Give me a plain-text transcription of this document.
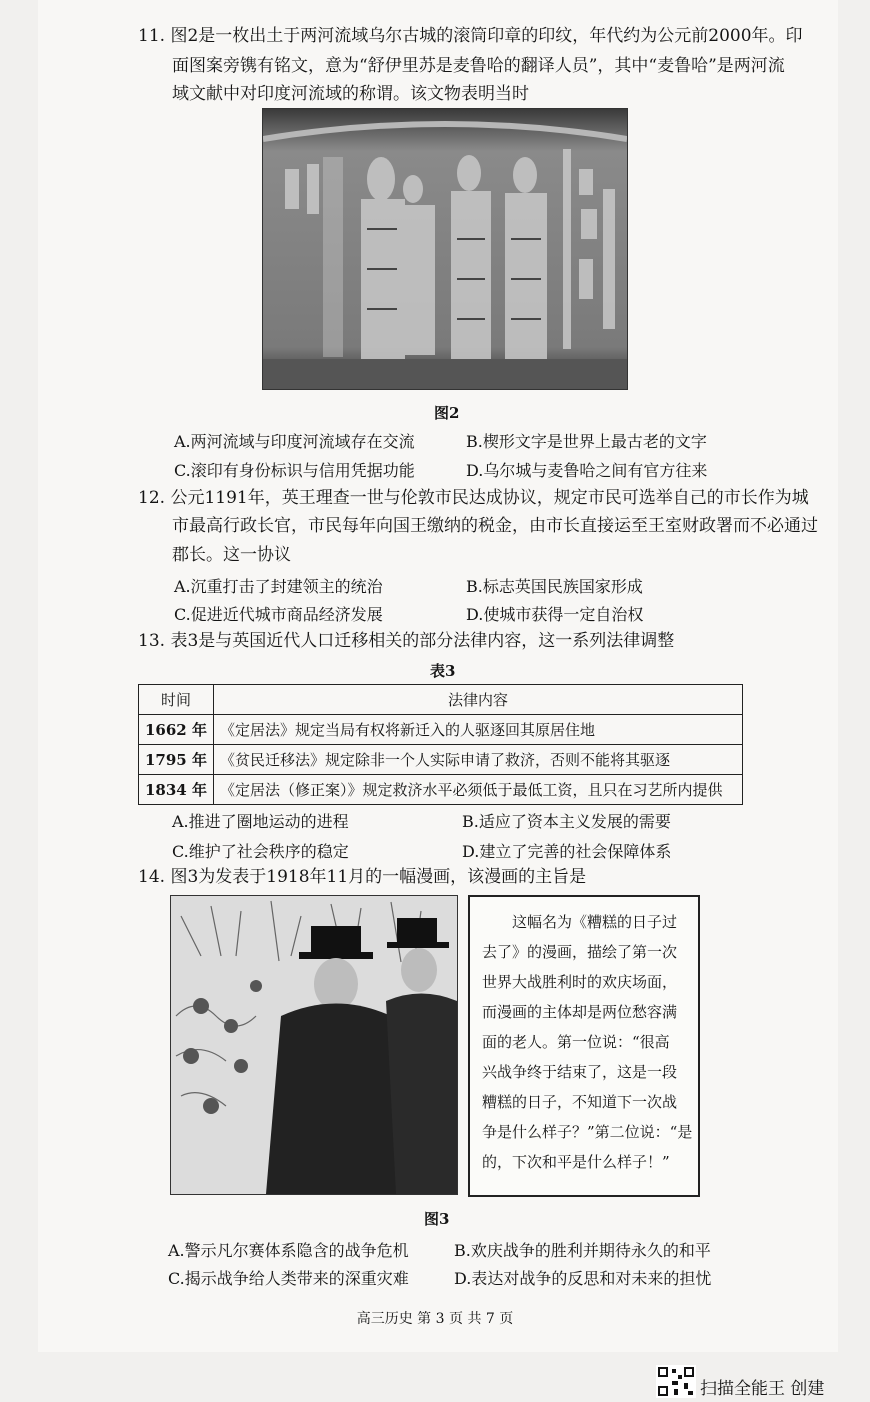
11. 图2是一枚出土于两河流域乌尔古城的滚筒印章的印纹，年代约为公元前2000年。印
面图案旁镌有铭文，意为“舒伊里苏是麦鲁哈的翻译人员”，其中“麦鲁哈”是两河流
域文献中对印度河流域的称谓。该文物表明当时
图2
A.两河流域与印度河流域存在交流	B.楔形文字是世界上最古老的文字
C.滚印有身份标识与信用凭据功能	D.乌尔城与麦鲁哈之间有官方往来
12. 公元1191年，英王理查一世与伦敦市民达成协议，规定市民可选举自己的市长作为城
市最高行政长官，市民每年向国王缴纳的税金，由市长直接运至王室财政署而不必通过
郡长。这一协议
A.沉重打击了封建领主的统治	B.标志英国民族国家形成
C.促进近代城市商品经济发展	D.使城市获得一定自治权
13. 表3是与英国近代人口迁移相关的部分法律内容，这一系列法律调整
表3
时间	法律内容
1662 年	《定居法》规定当局有权将新迁入的人驱逐回其原居住地
1795 年	《贫民迁移法》规定除非一个人实际申请了救济，否则不能将其驱逐
1834 年	《定居法（修正案）》规定救济水平必须低于最低工资，且只在习艺所内提供
A.推进了圈地运动的进程	B.适应了资本主义发展的需要
C.维护了社会秩序的稳定	D.建立了完善的社会保障体系
14. 图3为发表于1918年11月的一幅漫画，该漫画的主旨是
　　这幅名为《糟糕的日子过
去了》的漫画，描绘了第一次
世界大战胜利时的欢庆场面，
而漫画的主体却是两位愁容满
面的老人。第一位说：“很高
兴战争终于结束了，这是一段
糟糕的日子，不知道下一次战
争是什么样子？”第二位说：“是
的，下次和平是什么样子！”
图3
A.警示凡尔赛体系隐含的战争危机	B.欢庆战争的胜利并期待永久的和平
C.揭示战争给人类带来的深重灾难	D.表达对战争的反思和对未来的担忧
高三历史 第 3 页 共 7 页
扫描全能王 创建
